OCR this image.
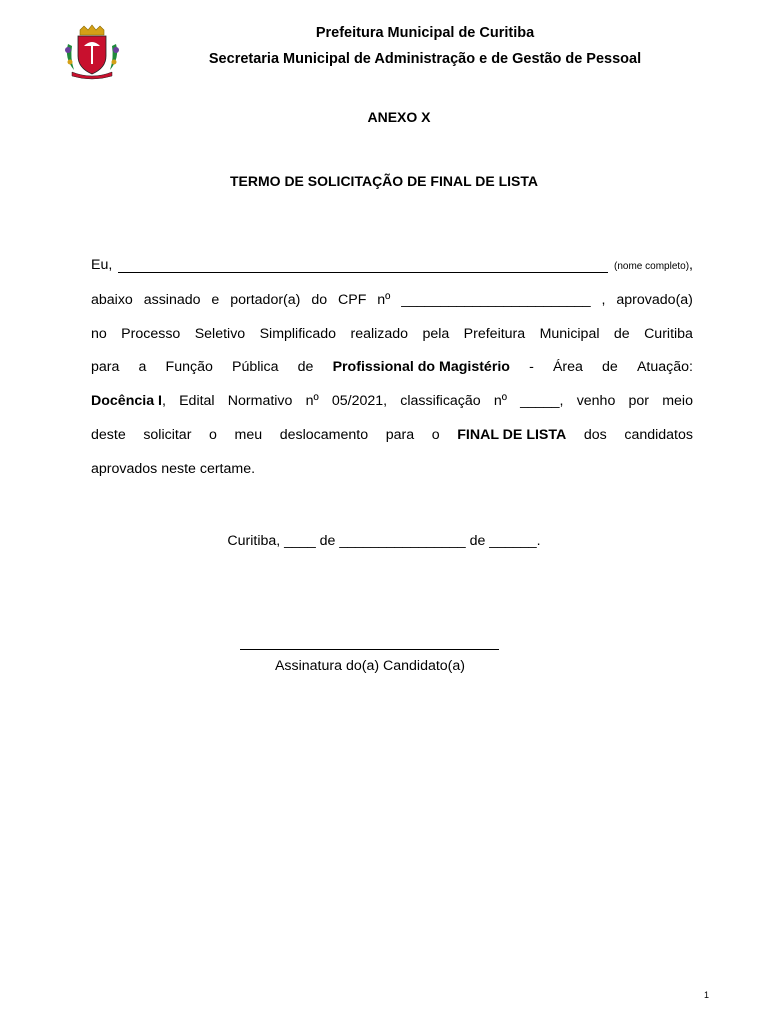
Prefeitura Municipal de Curitiba
Secretaria Municipal de Administração e de Gestão de Pessoal
ANEXO X
TERMO DE SOLICITAÇÃO DE FINAL DE LISTA
Eu,	(nome completo),
abaixo assinado e portador(a) do CPF nº ________________________ , aprovado(a)
no Processo Seletivo Simplificado realizado pela Prefeitura Municipal de Curitiba
para a Função Pública de Profissional do Magistério - Área de Atuação:
Docência I, Edital Normativo nº 05/2021, classificação nº _____, venho por meio
deste solicitar o meu deslocamento para o FINAL DE LISTA dos candidatos
aprovados neste certame.
Curitiba, ____ de ________________ de ______.
Assinatura do(a) Candidato(a)
1
